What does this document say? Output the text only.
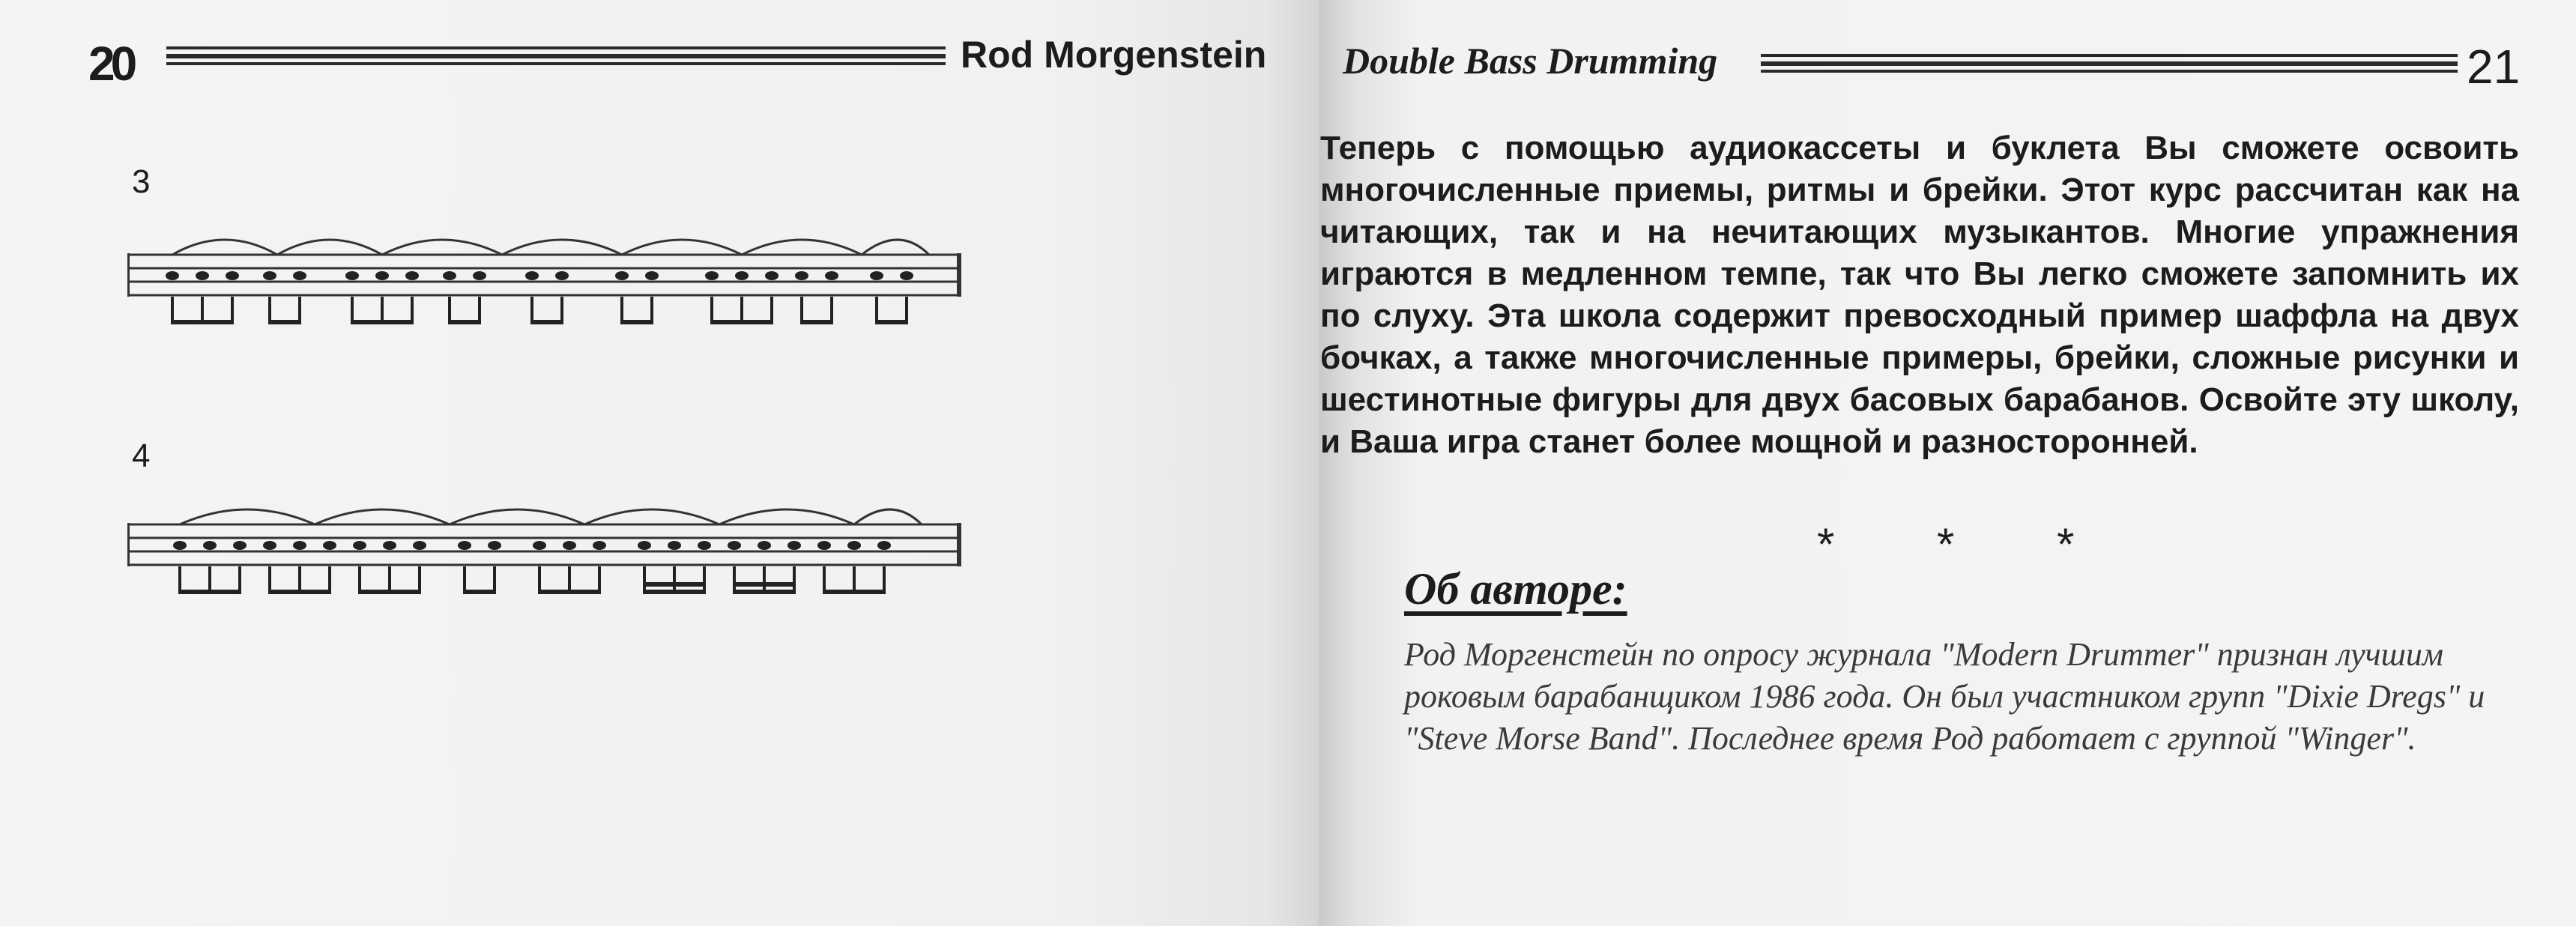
20	Rod Morgenstein
3
4
Double Bass Drumming	21

Теперь с помощью аудиокассеты и буклета Вы сможете освоить многочисленные приемы, ритмы и брейки. Этот курс рассчитан как на читающих, так и на нечитающих музыкантов. Многие упражнения играются в медленном темпе, так что Вы легко сможете запомнить их по слуху. Эта школа содержит превосходный пример шаффла на двух бочках, а также многочисленные примеры, брейки, сложные рисунки и шестинотные фигуры для двух басовых барабанов. Освойте эту школу, и Ваша игра станет более мощной и разносторонней.

* * *
Об авторе:

Род Моргенстейн по опросу журнала "Modern Drummer" признан лучшим роковым барабанщиком 1986 года. Он был участником групп "Dixie Dregs" и "Steve Morse Band". Последнее время Род работает с группой "Winger".
